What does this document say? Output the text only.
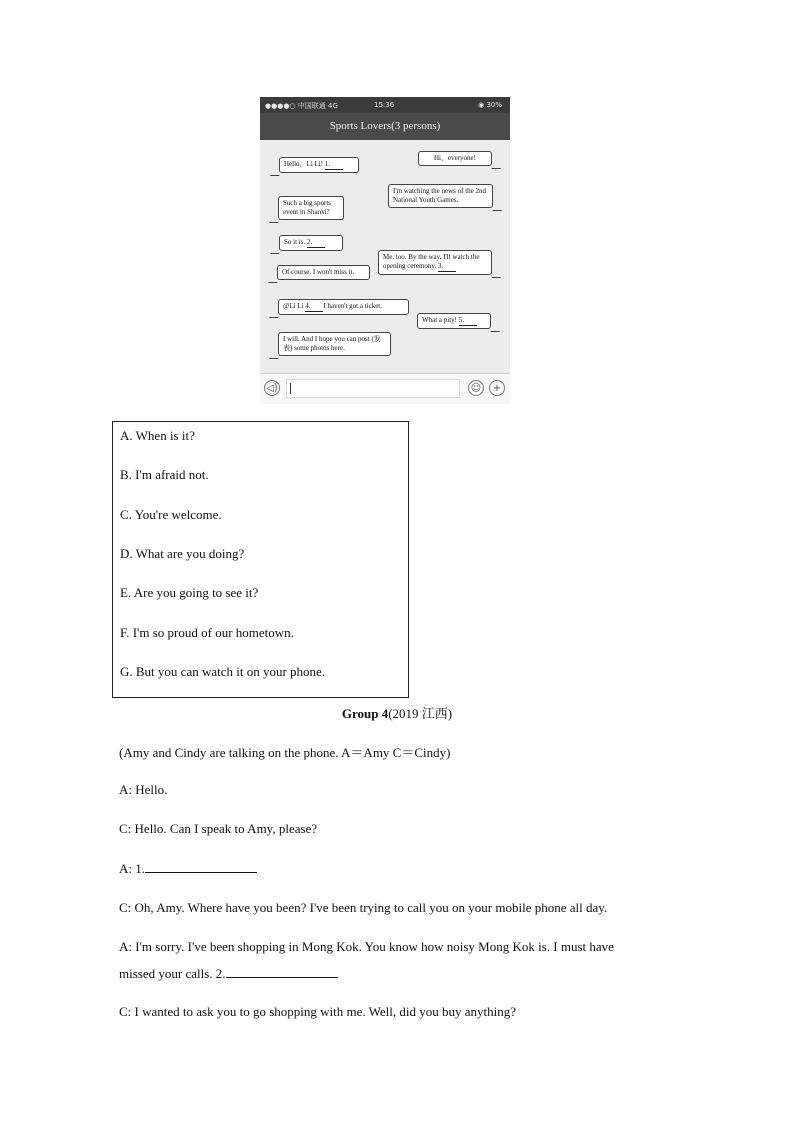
●●●●○ 中国联通 4G	15:36	◉ 30%
Sports Lovers(3 persons)
Hello，Li Li! 1.
Hi，everyone!
I'm watching the news of the 2nd National Youth Games.
Such a big sports event in Shanxi?
So it is. 2.
Me, too. By the way, I'll watch the opening ceremony. 3.
Of course. I won't miss it.
@Li Li 4. I haven't got a ticket.
What a pity! 5.
I will. And I hope you can post (发表) some photos here.
◁)	☺	+
A. When is it?
B. I'm afraid not.
C. You're welcome.
D. What are you doing?
E. Are you going to see it?
F. I'm so proud of our hometown.
G. But you can watch it on your phone.
Group 4(2019 江西)
(Amy and Cindy are talking on the phone. A＝Amy C＝Cindy)
A: Hello.
C: Hello. Can I speak to Amy, please?
A: 1.
C: Oh, Amy. Where have you been? I've been trying to call you on your mobile phone all day.
A: I'm sorry. I've been shopping in Mong Kok. You know how noisy Mong Kok is. I must have
missed your calls. 2.
C: I wanted to ask you to go shopping with me. Well, did you buy anything?
